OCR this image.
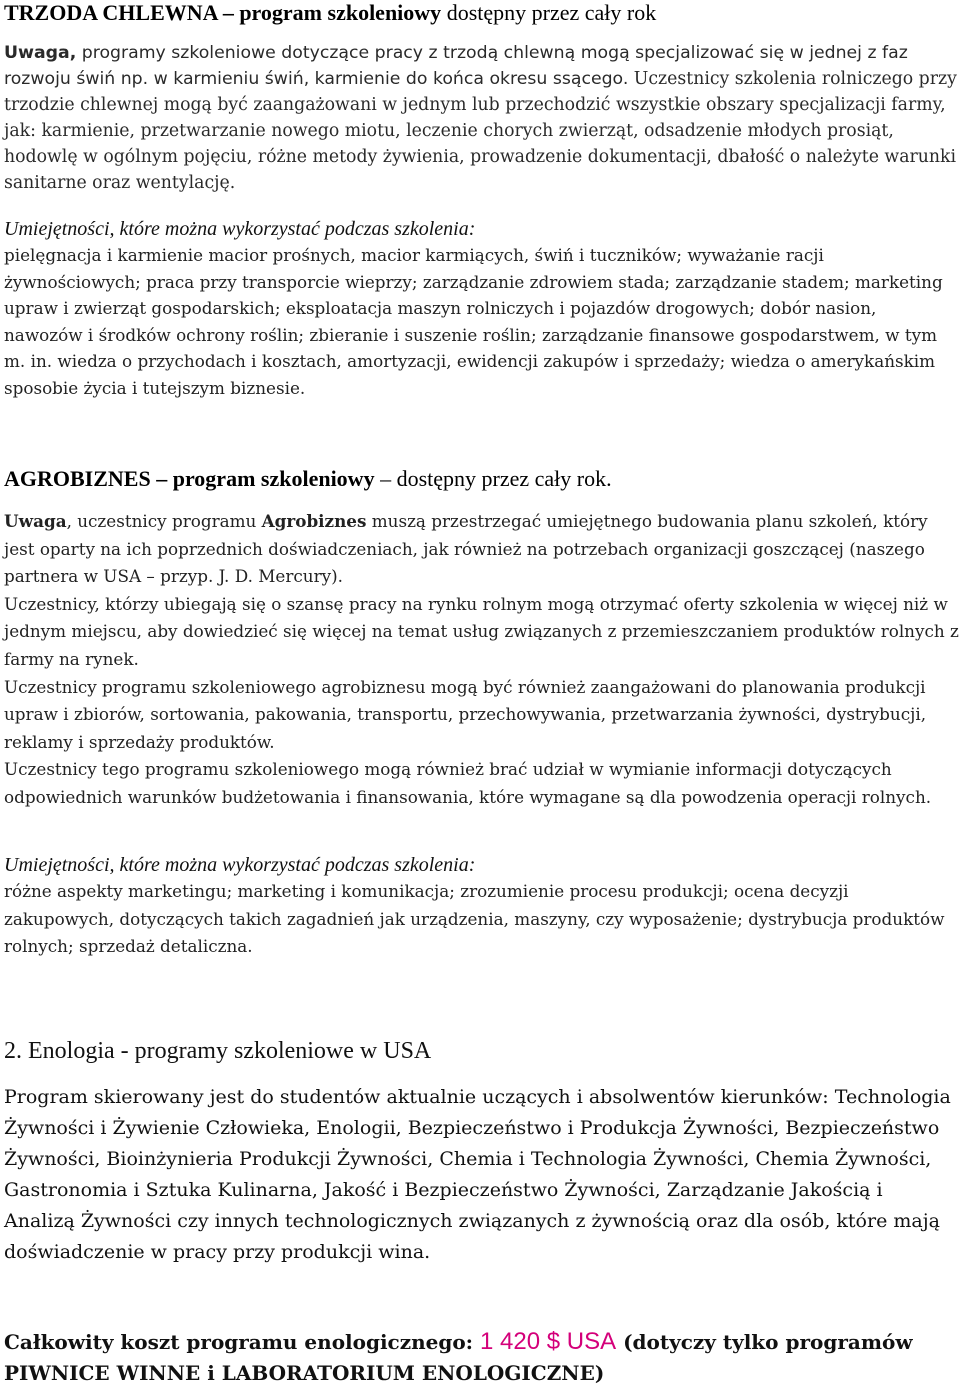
TRZODA CHLEWNA – program szkoleniowy dostępny przez cały rok

Uwaga, programy szkoleniowe dotyczące pracy z trzodą chlewną mogą specjalizować się w jednej z faz rozwoju świń np. w karmieniu świń, karmienie do końca okresu ssącego. Uczestnicy szkolenia rolniczego przy trzodzie chlewnej mogą być zaangażowani w jednym lub przechodzić wszystkie obszary specjalizacji farmy, jak: karmienie, przetwarzanie nowego miotu, leczenie chorych zwierząt, odsadzenie młodych prosiąt, hodowlę w ogólnym pojęciu, różne metody żywienia, prowadzenie dokumentacji, dbałość o należyte warunki sanitarne oraz wentylację.

Umiejętności, które można wykorzystać podczas szkolenia:
pielęgnacja i karmienie macior prośnych, macior karmiących, świń i tuczników; wyważanie racji żywnościowych; praca przy transporcie wieprzy; zarządzanie zdrowiem stada; zarządzanie stadem; marketing upraw i zwierząt gospodarskich; eksploatacja maszyn rolniczych i pojazdów drogowych; dobór nasion, nawozów i środków ochrony roślin; zbieranie i suszenie roślin; zarządzanie finansowe gospodarstwem, w tym m. in. wiedza o przychodach i kosztach, amortyzacji, ewidencji zakupów i sprzedaży; wiedza o amerykańskim sposobie życia i tutejszym biznesie.
AGROBIZNES – program szkoleniowy – dostępny przez cały rok.
Uwaga, uczestnicy programu Agrobiznes muszą przestrzegać umiejętnego budowania planu szkoleń, który jest oparty na ich poprzednich doświadczeniach, jak również na potrzebach organizacji goszczącej (naszego partnera w USA – przyp. J. D. Mercury).
Uczestnicy, którzy ubiegają się o szansę pracy na rynku rolnym mogą otrzymać oferty szkolenia w więcej niż w jednym miejscu, aby dowiedzieć się więcej na temat usług związanych z przemieszczaniem produktów rolnych z farmy na rynek.
Uczestnicy programu szkoleniowego agrobiznesu mogą być również zaangażowani do planowania produkcji upraw i zbiorów, sortowania, pakowania, transportu, przechowywania, przetwarzania żywności, dystrybucji, reklamy i sprzedaży produktów.
Uczestnicy tego programu szkoleniowego mogą również brać udział w wymianie informacji dotyczących odpowiednich warunków budżetowania i finansowania, które wymagane są dla powodzenia operacji rolnych.
Umiejętności, które można wykorzystać podczas szkolenia:
różne aspekty marketingu; marketing i komunikacja; zrozumienie procesu produkcji; ocena decyzji zakupowych, dotyczących takich zagadnień jak urządzenia, maszyny, czy wyposażenie; dystrybucja produktów rolnych; sprzedaż detaliczna.
2. Enologia - programy szkoleniowe w USA
Program skierowany jest do studentów aktualnie uczących i absolwentów kierunków: Technologia Żywności i Żywienie Człowieka, Enologii, Bezpieczeństwo i Produkcja Żywności, Bezpieczeństwo Żywności, Bioinżynieria Produkcji Żywności, Chemia i Technologia Żywności, Chemia Żywności, Gastronomia i Sztuka Kulinarna, Jakość i Bezpieczeństwo Żywności, Zarządzanie Jakością i Analizą Żywności czy innych technologicznych związanych z żywnością oraz dla osób, które mają doświadczenie w pracy przy produkcji wina.
Całkowity koszt programu enologicznego: 1 420 $ USA (dotyczy tylko programów PIWNICE WINNE i LABORATORIUM ENOLOGICZNE)
